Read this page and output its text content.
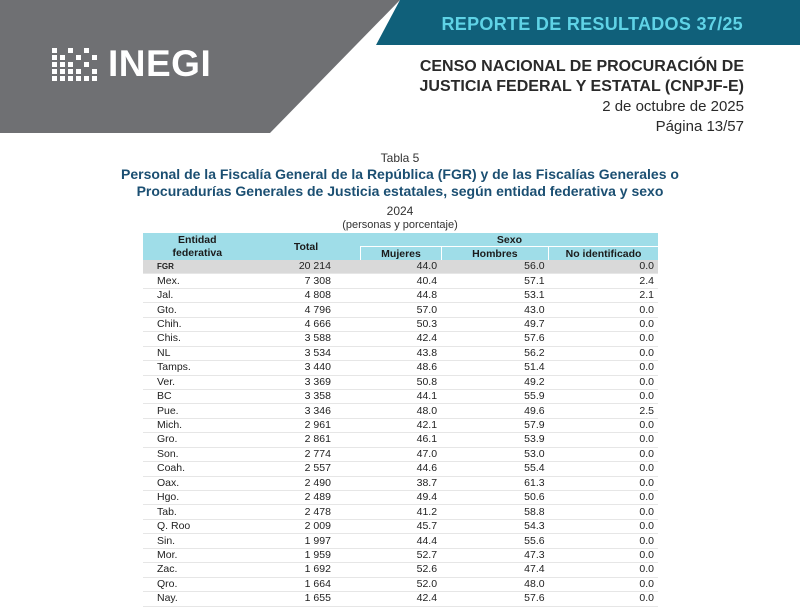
REPORTE DE RESULTADOS 37/25
INEGI	CENSO NACIONAL DE PROCURACIÓN DE
JUSTICIA FEDERAL Y ESTATAL (CNPJF-E)
2 de octubre de 2025
Página 13/57
Tabla 5
Personal de la Fiscalía General de la República (FGR) y de las Fiscalías Generales o
Procuradurías Generales de Justicia estatales, según entidad federativa y sexo
2024
(personas y porcentaje)
Entidad
federativa	Total	Sexo		
		Mujeres	Hombres	No identificado
FGR	20 214	44.0	56.0	0.0
Mex.	7 308	40.4	57.1	2.4
Jal.	4 808	44.8	53.1	2.1
Gto.	4 796	57.0	43.0	0.0
Chih.	4 666	50.3	49.7	0.0
Chis.	3 588	42.4	57.6	0.0
NL	3 534	43.8	56.2	0.0
Tamps.	3 440	48.6	51.4	0.0
Ver.	3 369	50.8	49.2	0.0
BC	3 358	44.1	55.9	0.0
Pue.	3 346	48.0	49.6	2.5
Mich.	2 961	42.1	57.9	0.0
Gro.	2 861	46.1	53.9	0.0
Son.	2 774	47.0	53.0	0.0
Coah.	2 557	44.6	55.4	0.0
Oax.	2 490	38.7	61.3	0.0
Hgo.	2 489	49.4	50.6	0.0
Tab.	2 478	41.2	58.8	0.0
Q. Roo	2 009	45.7	54.3	0.0
Sin.	1 997	44.4	55.6	0.0
Mor.	1 959	52.7	47.3	0.0
Zac.	1 692	52.6	47.4	0.0
Qro.	1 664	52.0	48.0	0.0
Nay.	1 655	42.4	57.6	0.0
